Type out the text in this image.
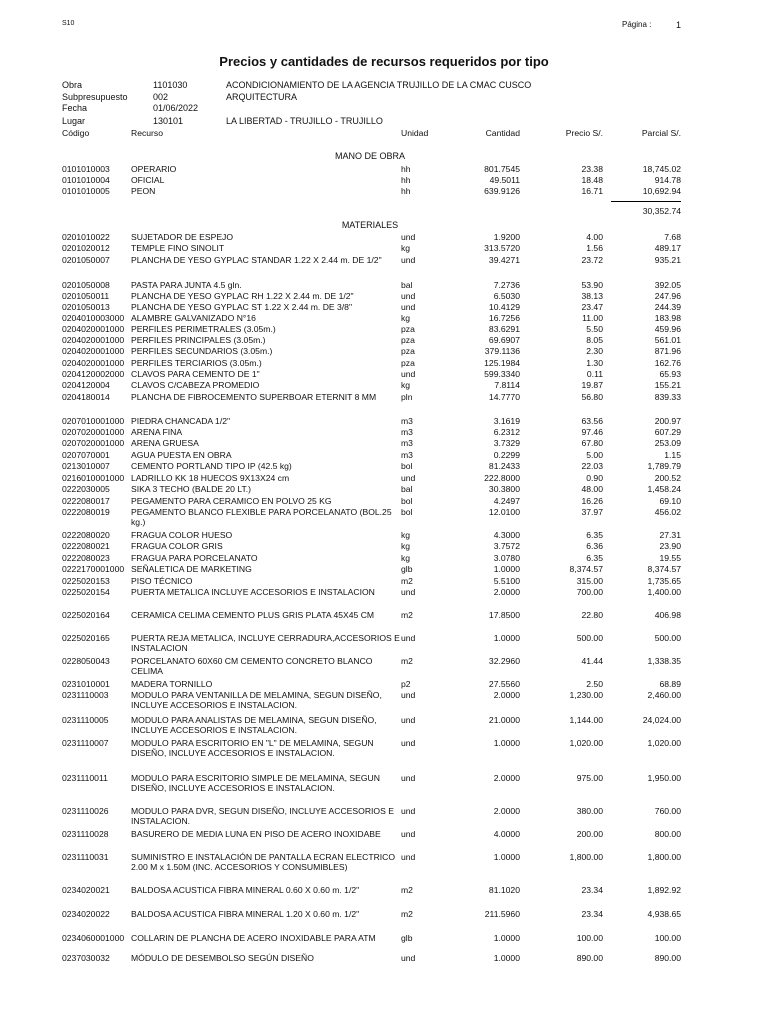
S10	Página :	1
Precios y cantidades de recursos requeridos por tipo
Obra	1101030	ACONDICIONAMIENTO DE LA AGENCIA TRUJILLO DE LA CMAC CUSCO
Subpresupuesto	002	ARQUITECTURA
Fecha	01/06/2022
Lugar	130101	LA LIBERTAD - TRUJILLO - TRUJILLO
Código	Recurso	Unidad	Cantidad	Precio S/.	Parcial S/.
MANO DE OBRA
0101010003 OPERARIO	hh	801.7545	23.38	18,745.02
0101010004 OFICIAL	hh	49.5011	18.48	914.78
0101010005 PEON	hh	639.9126	16.71	10,692.94
30,352.74
MATERIALES
0201010022 SUJETADOR DE ESPEJO	und	1.9200	4.00	7.68
0201020012 TEMPLE FINO SINOLIT	kg	313.5720	1.56	489.17
0201050007 PLANCHA DE YESO GYPLAC STANDAR 1.22 X 2.44 m. DE 1/2"	und	39.4271	23.72	935.21
0201050008 PASTA PARA JUNTA 4.5 gln.	bal	7.2736	53.90	392.05
0201050011	PLANCHA DE YESO GYPLAC RH 1.22 X 2.44 m. DE 1/2"	und	6.5030	38.13	247.96
0201050013 PLANCHA DE YESO GYPLAC ST 1.22 X 2.44 m. DE 3/8"	und	10.4129	23.47	244.39
0204010003000 ALAMBRE GALVANIZADO N°16	kg	16.7256	11.00	183.98
0204020001000 PERFILES PERIMETRALES (3.05m.)	pza	83.6291	5.50	459.96
0204020001000 PERFILES PRINCIPALES (3.05m.)	pza	69.6907	8.05	561.01
0204020001000 PERFILES SECUNDARIOS (3.05m.)	pza	379.1136	2.30	871.96
0204020001000 PERFILES TERCIARIOS (3.05m.)	pza	125.1984	1.30	162.76
0204120002000 CLAVOS PARA CEMENTO DE 1"	und	599.3340	0.11	65.93
0204120004 CLAVOS C/CABEZA PROMEDIO	kg	7.8114	19.87	155.21
0204180014 PLANCHA DE FIBROCEMENTO SUPERBOAR ETERNIT 8 MM	pln	14.7770	56.80	839.33
0207010001000 PIEDRA CHANCADA 1/2"	m3	3.1619	63.56	200.97
0207020001000 ARENA FINA	m3	6.2312	97.46	607.29
0207020001000 ARENA GRUESA	m3	3.7329	67.80	253.09
0207070001 AGUA PUESTA EN OBRA	m3	0.2299	5.00	1.15
0213010007 CEMENTO PORTLAND TIPO IP (42.5 kg)	bol	81.2433	22.03	1,789.79
0216010001000 LADRILLO KK 18 HUECOS 9X13X24 cm	und	222.8000	0.90	200.52
0222030005 SIKA 3 TECHO (BALDE 20 LT.)	bal	30.3800	48.00	1,458.24
0222080017 PEGAMENTO PARA CERAMICO EN POLVO 25 KG	bol	4.2497	16.26	69.10
0222080019 PEGAMENTO BLANCO FLEXIBLE PARA PORCELANATO (BOL.25 kg.)
bol	12.0100	37.97	456.02
0222080020 FRAGUA COLOR HUESO	kg	4.3000	6.35	27.31
0222080021 FRAGUA COLOR GRIS	kg	3.7572	6.36	23.90
0222080023 FRAGUA PARA PORCELANATO	kg	3.0780	6.35	19.55
0222170001000 SEÑALETICA DE MARKETING	glb	1.0000	8,374.57	8,374.57
0225020153 PISO TÉCNICO	m2	5.5100	315.00	1,735.65
0225020154 PUERTA METALICA INCLUYE ACCESORIOS E INSTALACION	und	2.0000	700.00	1,400.00
0225020164 CERAMICA CELIMA CEMENTO PLUS GRIS PLATA 45X45 CM	m2	17.8500	22.80	406.98
0225020165 PUERTA REJA METALICA, INCLUYE CERRADURA,ACCESORIOS E INSTALACION
und	1.0000	500.00	500.00
0228050043 PORCELANATO 60X60 CM CEMENTO CONCRETO BLANCO CELIMA
m2	32.2960	41.44	1,338.35
0231010001 MADERA TORNILLO	p2	27.5560	2.50	68.89
0231110003	MODULO PARA VENTANILLA DE MELAMINA, SEGUN DISEÑO, INCLUYE ACCESORIOS E INSTALACION.
und	2.0000	1,230.00	2,460.00
0231110005	MODULO PARA ANALISTAS DE MELAMINA, SEGUN DISEÑO, INCLUYE ACCESORIOS E INSTALACION.
und	21.0000	1,144.00	24,024.00
0231110007	MODULO PARA ESCRITORIO EN "L" DE MELAMINA, SEGUN DISEÑO, INCLUYE ACCESORIOS E INSTALACION.
und	1.0000	1,020.00	1,020.00
0231110011	MODULO PARA ESCRITORIO SIMPLE DE MELAMINA, SEGUN DISEÑO, INCLUYE ACCESORIOS E INSTALACION.
und	2.0000	975.00	1,950.00
0231110026	MODULO PARA DVR, SEGUN DISEÑO, INCLUYE ACCESORIOS E INSTALACION.
und	2.0000	380.00	760.00
0231110028	BASURERO DE MEDIA LUNA EN PISO DE ACERO INOXIDABE	und	4.0000	200.00	800.00
0231110031	SUMINISTRO E INSTALACIÓN DE PANTALLA ECRAN ELECTRICO 2.00 M x 1.50M (INC. ACCESORIOS Y CONSUMIBLES)
und	1.0000	1,800.00	1,800.00
0234020021 BALDOSA ACUSTICA FIBRA MINERAL 0.60 X 0.60 m. 1/2"	m2	81.1020	23.34	1,892.92
0234020022 BALDOSA ACUSTICA FIBRA MINERAL 1.20 X 0.60 m. 1/2"	m2	211.5960	23.34	4,938.65
0234060001000 COLLARIN DE PLANCHA DE ACERO INOXIDABLE PARA ATM	glb	1.0000	100.00	100.00
0237030032 MÓDULO DE DESEMBOLSO SEGÚN DISEÑO	und	1.0000	890.00	890.00
